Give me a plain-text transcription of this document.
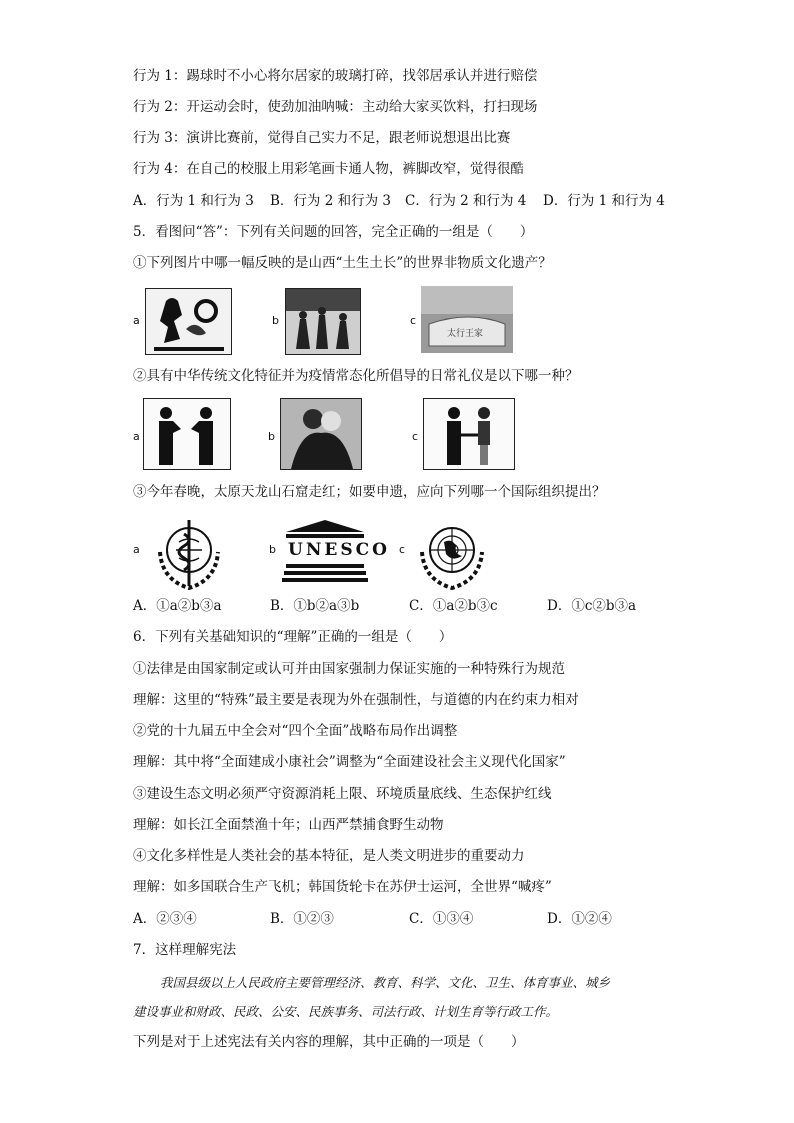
行为 1：踢球时不小心将尔居家的玻璃打碎，找邻居承认并进行赔偿
行为 2：开运动会时，使劲加油呐喊：主动给大家买饮料，打扫现场
行为 3：演讲比赛前，觉得自己实力不足，跟老师说想退出比赛
行为 4：在自己的校服上用彩笔画卡通人物，裤脚改窄，觉得很酷
A．行为 1 和行为 3 B．行为 2 和行为 3 C．行为 2 和行为 4 D．行为 1 和行为 4
5．看图问“答”：下列有关问题的回答，完全正确的一组是（　　）
①下列图片中哪一幅反映的是山西“土生土长”的世界非物质文化遗产？
a	b	c
太行王家
②具有中华传统文化特征并为疫情常态化所倡导的日常礼仪是以下哪一种？
a	b	c
③今年春晚，太原天龙山石窟走红；如要申遗，应向下列哪一个国际组织提出？
a	b UNESCO c
A．①a②b③a	B．①b②a③b	C．①a②b③c	D．①c②b③a
6．下列有关基础知识的“理解”正确的一组是（　　）
①法律是由国家制定或认可并由国家强制力保证实施的一种特殊行为规范
理解：这里的“特殊”最主要是表现为外在强制性，与道德的内在约束力相对
②党的十九届五中全会对“四个全面”战略布局作出调整
理解：其中将“全面建成小康社会”调整为“全面建设社会主义现代化国家”
③建设生态文明必须严守资源消耗上限、环境质量底线、生态保护红线
理解：如长江全面禁渔十年；山西严禁捕食野生动物
④文化多样性是人类社会的基本特征，是人类文明进步的重要动力
理解：如多国联合生产飞机；韩国货轮卡在苏伊士运河，全世界“喊疼”
A．②③④	B．①②③	C．①③④	D．①②④
7．这样理解宪法
我国县级以上人民政府主要管理经济、教育、科学、文化、卫生、体育事业、城乡
建设事业和财政、民政、公安、民族事务、司法行政、计划生育等行政工作。
下列是对于上述宪法有关内容的理解，其中正确的一项是（　　）
